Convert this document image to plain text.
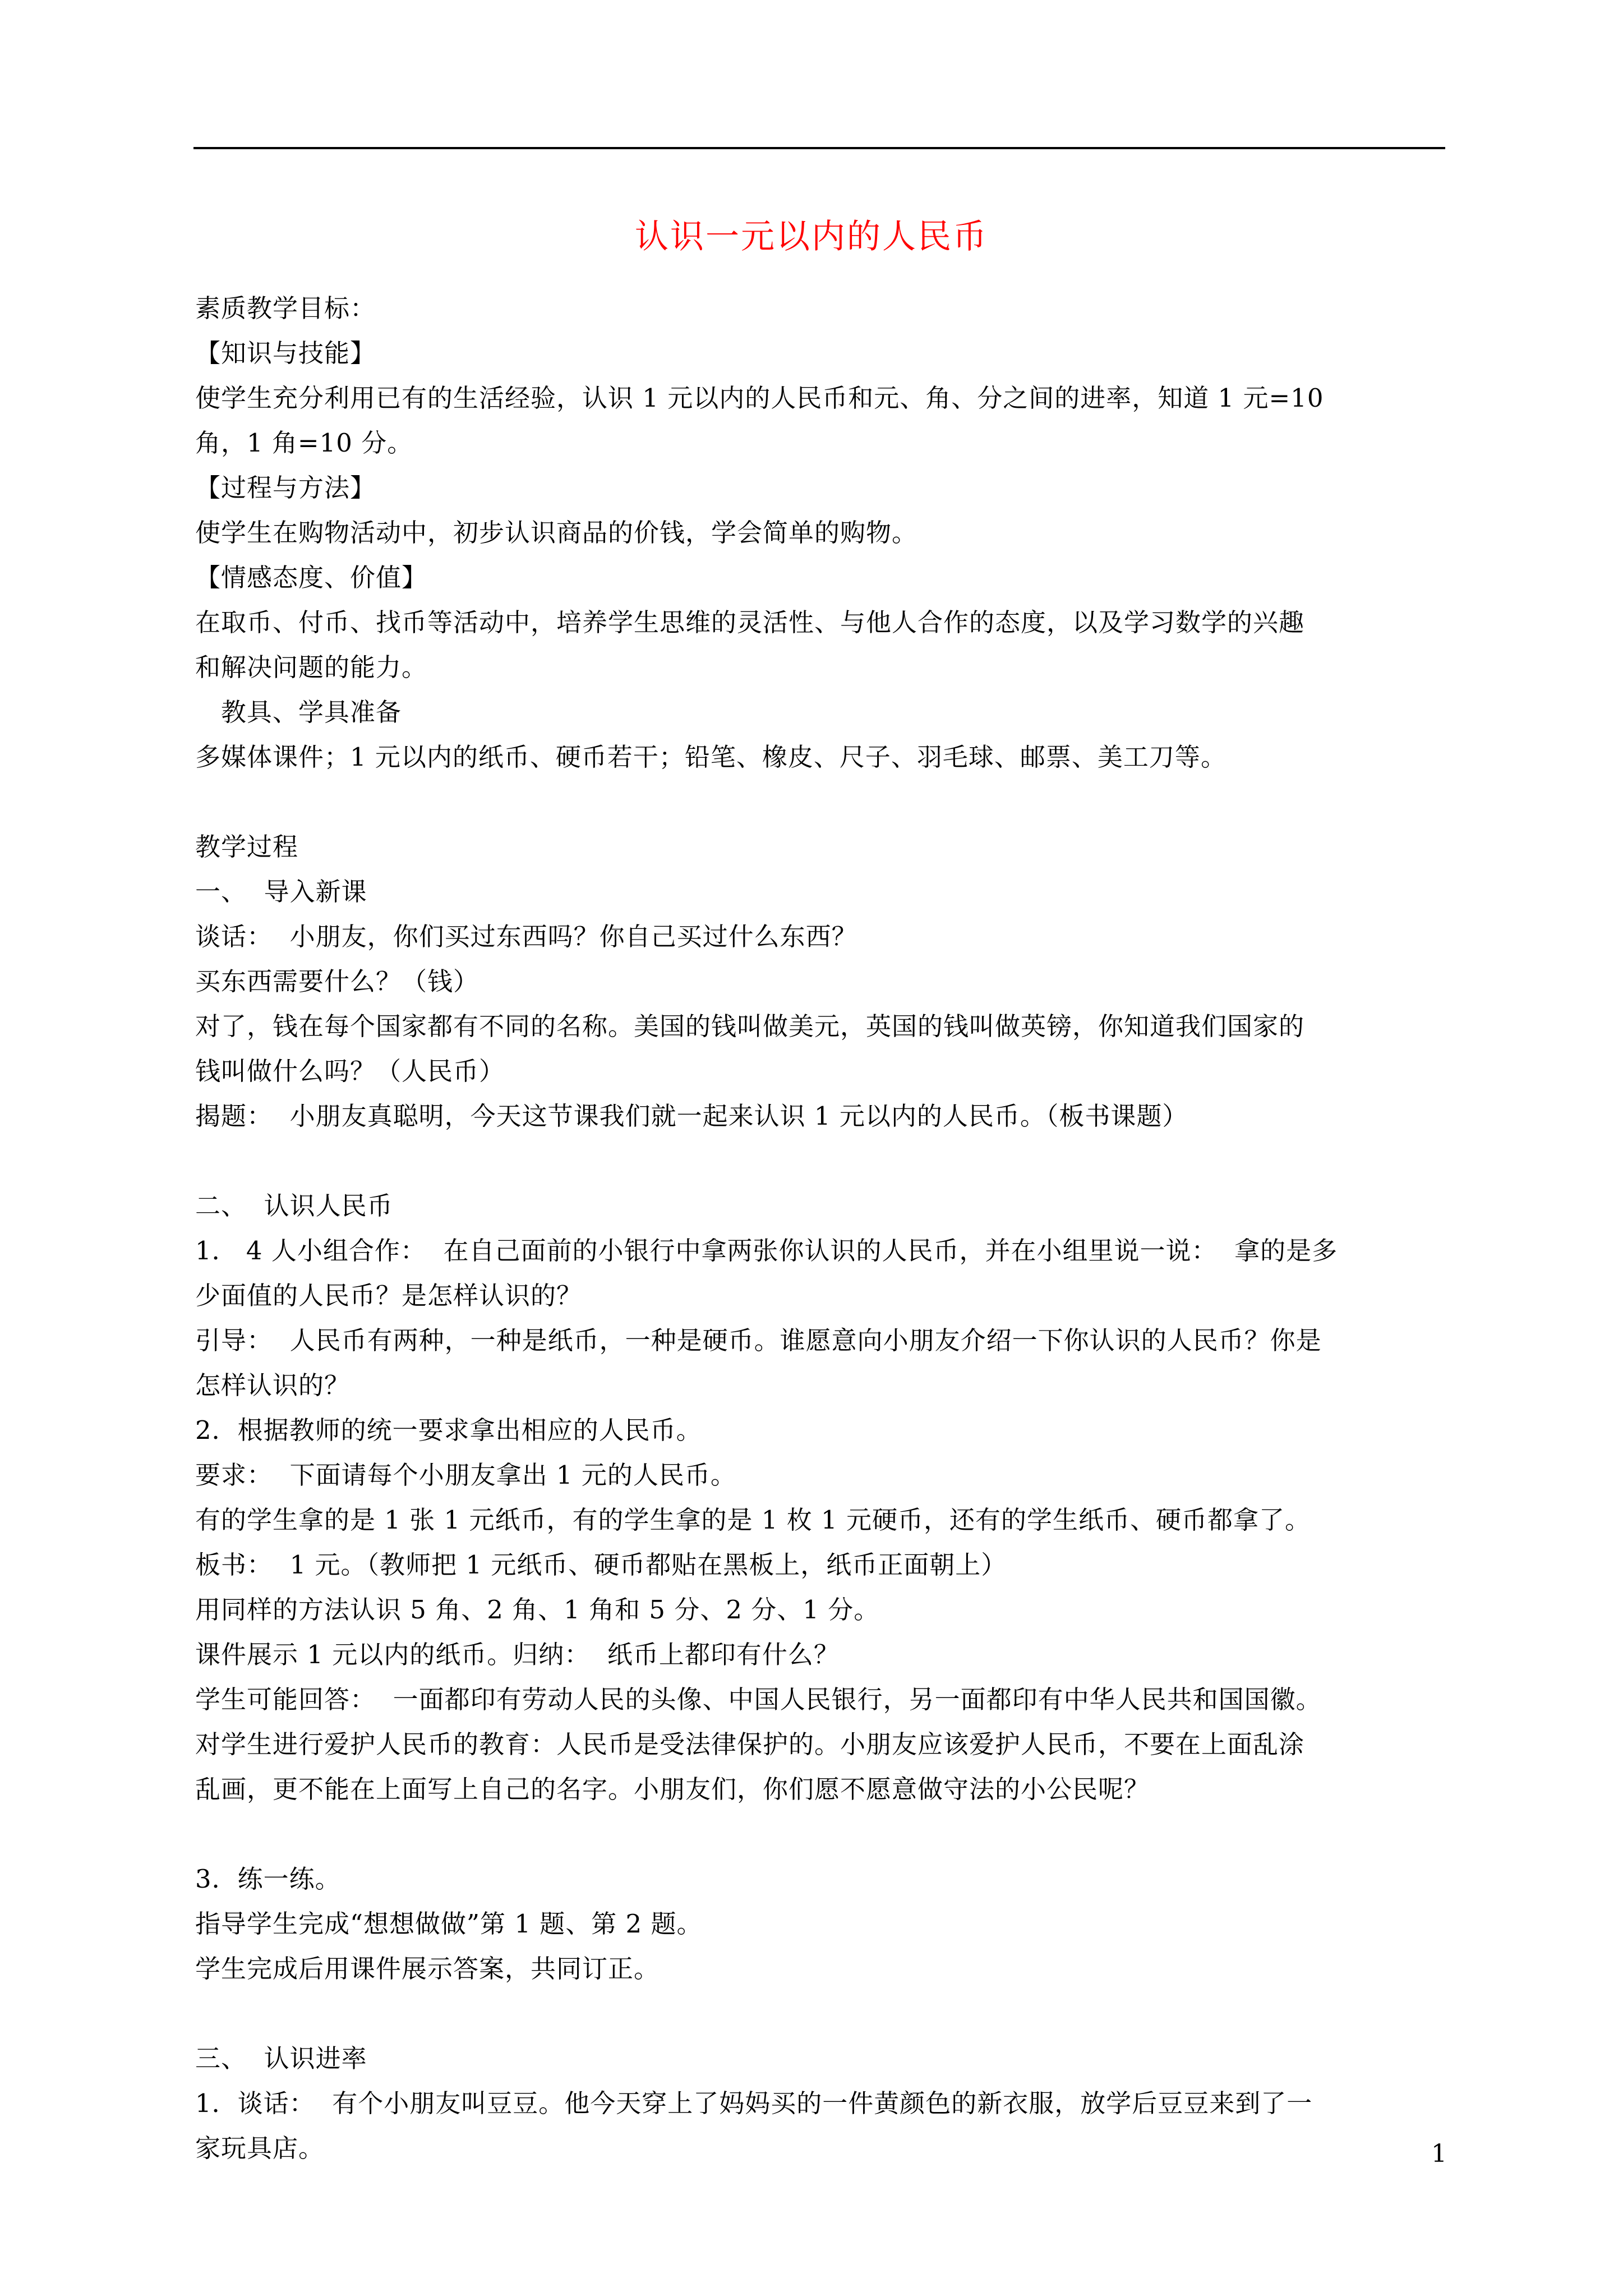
认识一元以内的人民币
素质教学目标：
【知识与技能】
使学生充分利用已有的生活经验，认识 1 元以内的人民币和元、角、分之间的进率，知道 1 元=10
角，1 角=10 分。
【过程与方法】
使学生在购物活动中，初步认识商品的价钱，学会简单的购物。
【情感态度、价值】
在取币、付币、找币等活动中，培养学生思维的灵活性、与他人合作的态度，以及学习数学的兴趣
和解决问题的能力。
教具、学具准备
多媒体课件；1 元以内的纸币、硬币若干；铅笔、橡皮、尺子、羽毛球、邮票、美工刀等。
教学过程
一、  导入新课
谈话：  小朋友，你们买过东西吗？你自己买过什么东西？
买东西需要什么？（钱）
对了，钱在每个国家都有不同的名称。美国的钱叫做美元，英国的钱叫做英镑，你知道我们国家的
钱叫做什么吗？（人民币）
揭题：  小朋友真聪明，今天这节课我们就一起来认识 1 元以内的人民币。（板书课题）
二、  认识人民币
1． 4 人小组合作：  在自己面前的小银行中拿两张你认识的人民币，并在小组里说一说：  拿的是多
少面值的人民币？是怎样认识的？
引导：  人民币有两种，一种是纸币，一种是硬币。谁愿意向小朋友介绍一下你认识的人民币？你是
怎样认识的？
2．根据教师的统一要求拿出相应的人民币。
要求：  下面请每个小朋友拿出 1 元的人民币。
有的学生拿的是 1 张 1 元纸币，有的学生拿的是 1 枚 1 元硬币，还有的学生纸币、硬币都拿了。
板书：  1 元。（教师把 1 元纸币、硬币都贴在黑板上，纸币正面朝上）
用同样的方法认识 5 角、2 角、1 角和 5 分、2 分、1 分。
课件展示 1 元以内的纸币。归纳：  纸币上都印有什么？
学生可能回答：  一面都印有劳动人民的头像、中国人民银行，另一面都印有中华人民共和国国徽。
对学生进行爱护人民币的教育：人民币是受法律保护的。小朋友应该爱护人民币，不要在上面乱涂
乱画，更不能在上面写上自己的名字。小朋友们，你们愿不愿意做守法的小公民呢？
3．练一练。
指导学生完成“想想做做”第 1 题、第 2 题。
学生完成后用课件展示答案，共同订正。
三、  认识进率
1．谈话：  有个小朋友叫豆豆。他今天穿上了妈妈买的一件黄颜色的新衣服，放学后豆豆来到了一
家玩具店。	1
